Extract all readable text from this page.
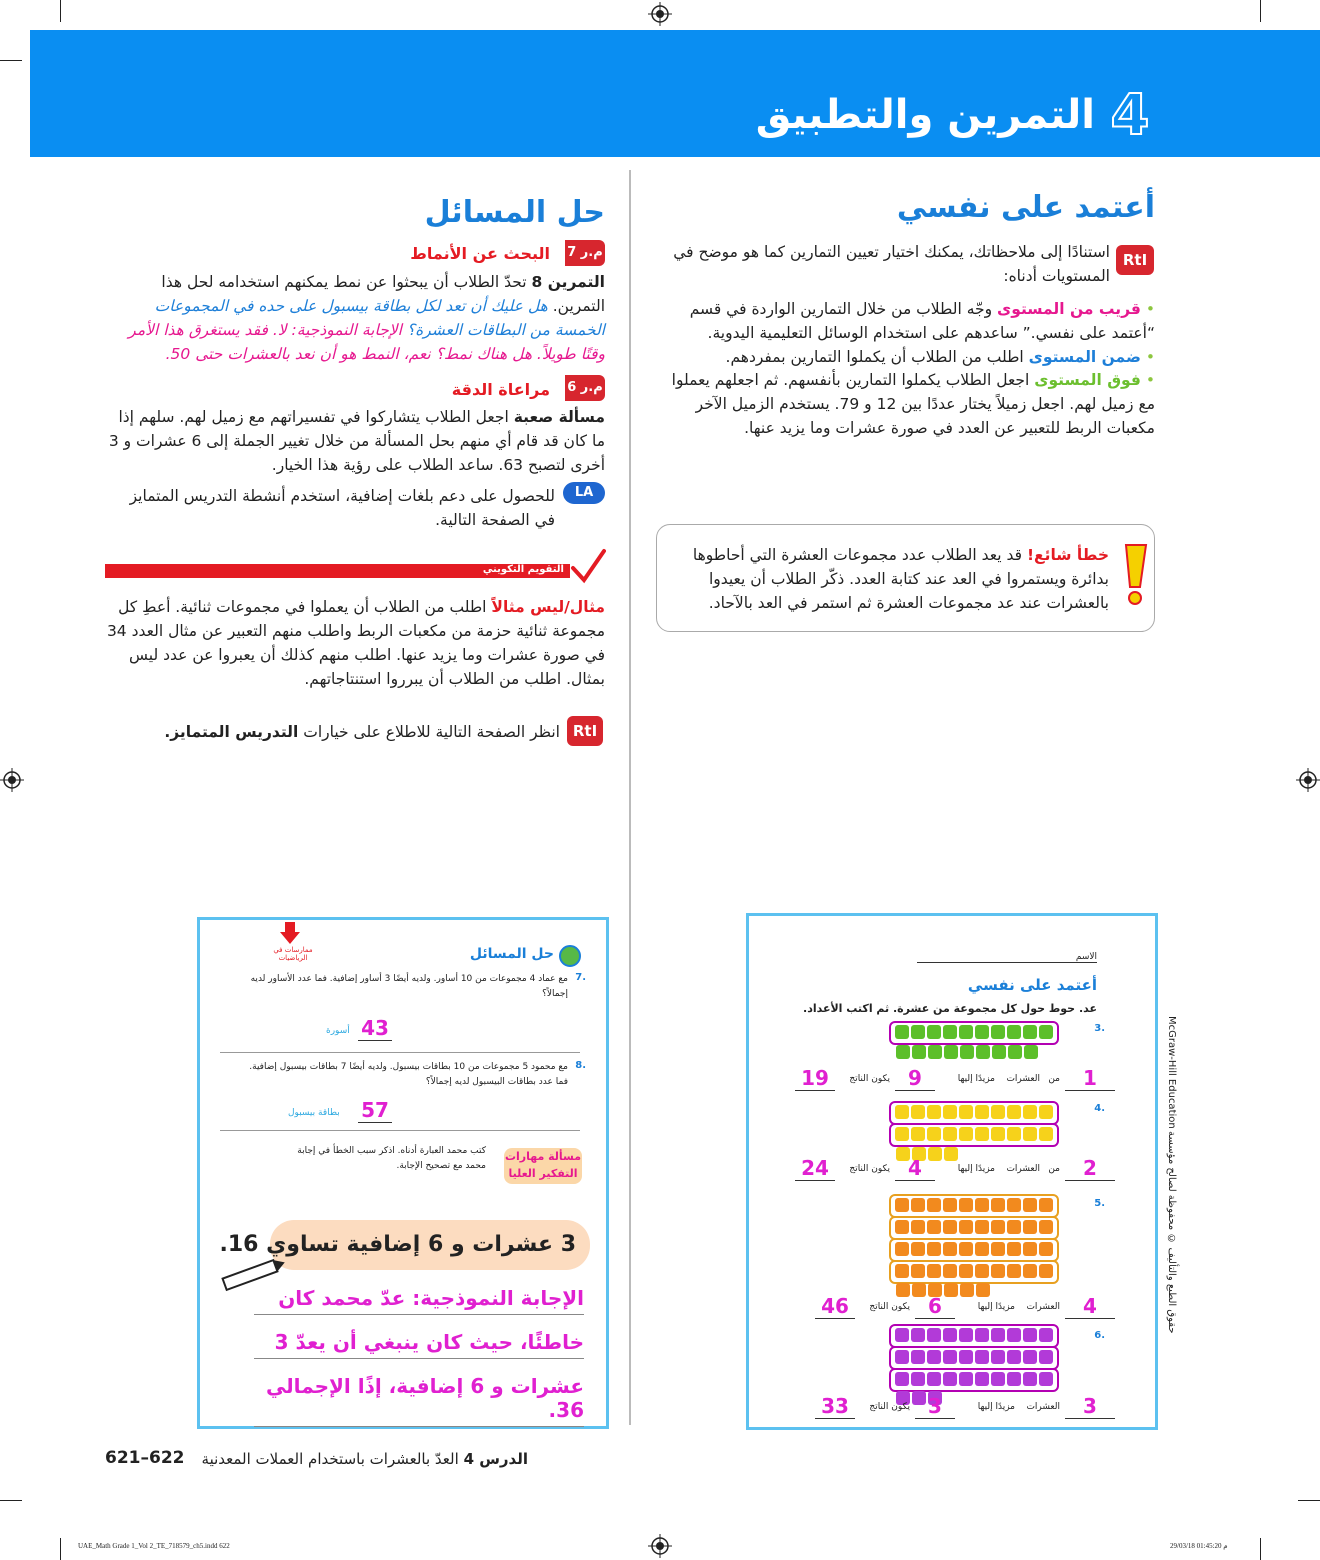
التمرين والتطبيق 4
أعتمد على نفسي
RtI
استنادًا إلى ملاحظاتك، يمكنك اختيار تعيين التمارين كما هو موضح في المستويات أدناه:
• قريب من المستوى وجّه الطلاب من خلال التمارين الواردة في قسم “أعتمد على نفسي.” ساعدهم على استخدام الوسائل التعليمية اليدوية.
• ضمن المستوى اطلب من الطلاب أن يكملوا التمارين بمفردهم.
• فوق المستوى اجعل الطلاب يكملوا التمارين بأنفسهم. ثم اجعلهم يعملوا مع زميل لهم. اجعل زميلاً يختار عددًا بين 12 و 79. يستخدم الزميل الآخر مكعبات الربط للتعبير عن العدد في صورة عشرات وما يزيد عنها.
خطأ شائع! قد يعد الطلاب عدد مجموعات العشرة التي أحاطوها بدائرة ويستمروا في العد عند كتابة العدد. ذكّر الطلاب أن يعيدوا بالعشرات عند عد مجموعات العشرة ثم استمر في العد بالآحاد.
حل المسائل
م.ر 7
البحث عن الأنماط
التمرين 8 تحدّ الطلاب أن يبحثوا عن نمط يمكنهم استخدامه لحل هذا التمرين. هل عليك أن تعد لكل بطاقة بيسبول على حده في المجموعات الخمسة من البطاقات العشرة؟ الإجابة النموذجية: لا. فقد يستغرق هذا الأمر وقتًا طويلاً. هل هناك نمط؟ نعم، النمط هو أن نعد بالعشرات حتى 50.
م.ر 6
مراعاة الدقة
مسألة صعبة اجعل الطلاب يتشاركوا في تفسيراتهم مع زميل لهم. سلهم إذا ما كان قد قام أي منهم بحل المسألة من خلال تغيير الجملة إلى 6 عشرات و 3 أخرى لتصبح 63. ساعد الطلاب على رؤية هذا الخيار.
LA
للحصول على دعم بلغات إضافية، استخدم أنشطة التدريس المتمايز في الصفحة التالية.
التقويم التكويني
مثال/ليس مثالاً اطلب من الطلاب أن يعملوا في مجموعات ثنائية. أعطِ كل مجموعة ثنائية حزمة من مكعبات الربط واطلب منهم التعبير عن مثال العدد 34 في صورة عشرات وما يزيد عنها. اطلب منهم كذلك أن يعبروا عن عدد ليس بمثال. اطلب من الطلاب أن يبرروا استنتاجاتهم.
RtI
انظر الصفحة التالية للاطلاع على خيارات التدريس المتمايز.
حل المسائل
ممارسات في الرياضيات
7.
مع عماد 4 مجموعات من 10 أساور. ولديه أيضًا 3 أساور إضافية. فما عدد الأساور لديه إجمالاً؟
43
أسورة
8.
مع محمود 5 مجموعات من 10 بطاقات بيسبول. ولديه أيضًا 7 بطاقات بيسبول إضافية. فما عدد بطاقات البيسبول لديه إجمالاً؟
57
بطاقة بيسبول
مسألة مهارات التفكير العليا
كتب محمد العبارة أدناه. اذكر سبب الخطأ في إجابة محمد مع تصحيح الإجابة.
3 عشرات و 6 إضافية تساوي 16.
الإجابة النموذجية: عدّ محمد كان
خاطئًا، حيث كان ينبغي أن يعدّ 3
عشرات و 6 إضافية، إذًا الإجمالي 36.
الاسم
McGraw-Hill Education
حقوق الطبع والتأليف © محفوظة لصالح مؤسسة
أعتمد على نفسي
عد. حوط حول كل مجموعة من عشرة. ثم اكتب الأعداد.
3.
1
من
العشرات
مزيدًا إليها
9
يكون الناتج
19
4.
2
من
العشرات
مزيدًا إليها
4
يكون الناتج
24
5.
4
العشرات
مزيدًا إليها
6
يكون الناتج
46
6.
3
العشرات
مزيدًا إليها
3
يكون الناتج
33
621–622	الدرس 4 العدّ بالعشرات باستخدام العملات المعدنية
UAE_Math Grade 1_Vol 2_TE_718579_ch5.indd 622	29/03/18 01:45:20 م
